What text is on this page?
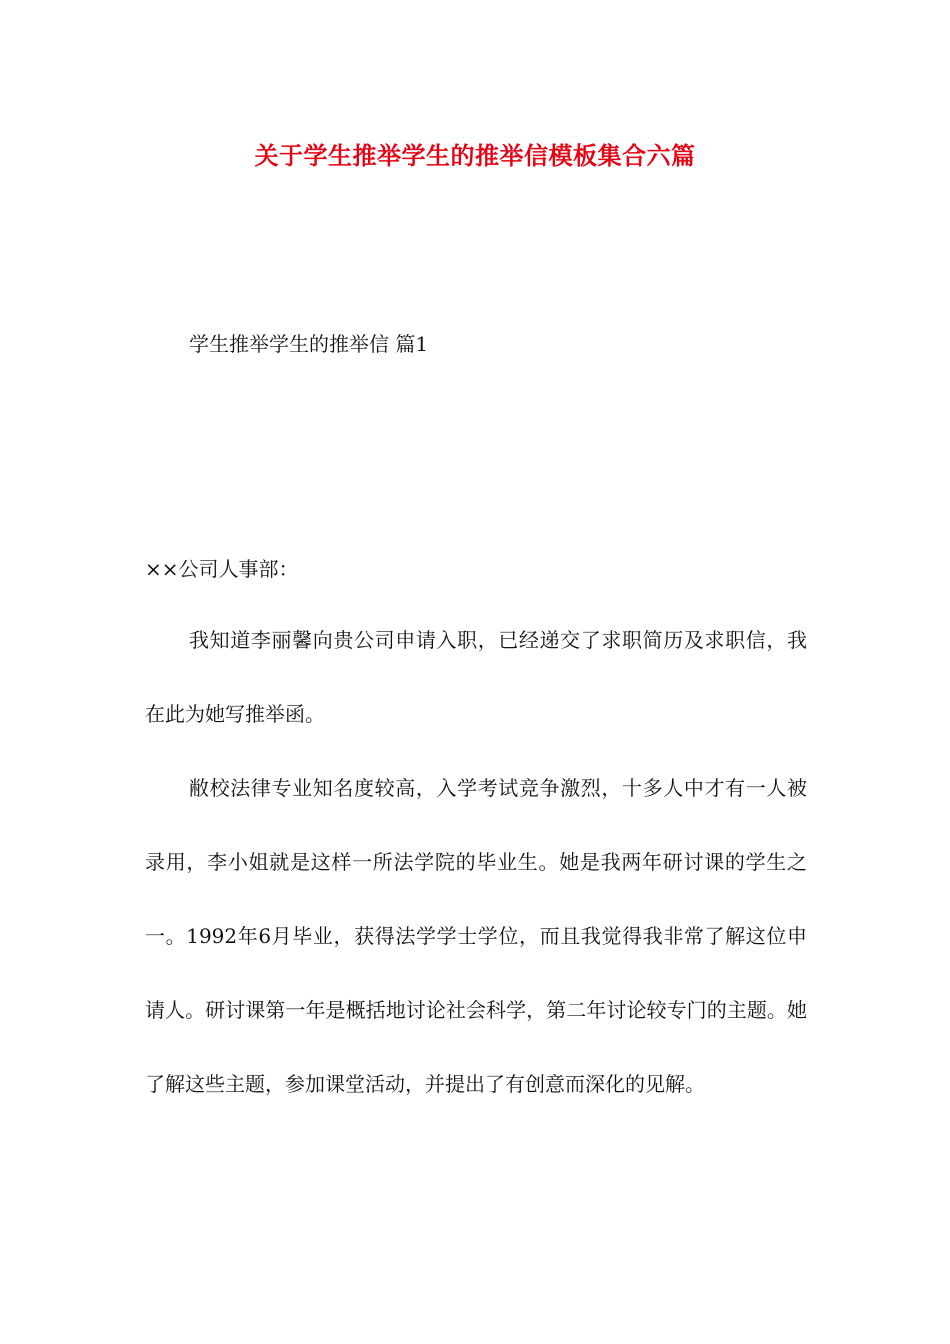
关于学生推举学生的推举信模板集合六篇
学生推举学生的推举信 篇1
××公司人事部：

我知道李丽馨向贵公司申请入职，已经递交了求职简历及求职信，我在此为她写推举函。

敝校法律专业知名度较高，入学考试竞争激烈，十多人中才有一人被录用，李小姐就是这样一所法学院的毕业生。她是我两年研讨课的学生之一。1992年6月毕业，获得法学学士学位，而且我觉得我非常了解这位申请人。研讨课第一年是概括地讨论社会科学，第二年讨论较专门的主题。她了解这些主题，参加课堂活动，并提出了有创意而深化的见解。
